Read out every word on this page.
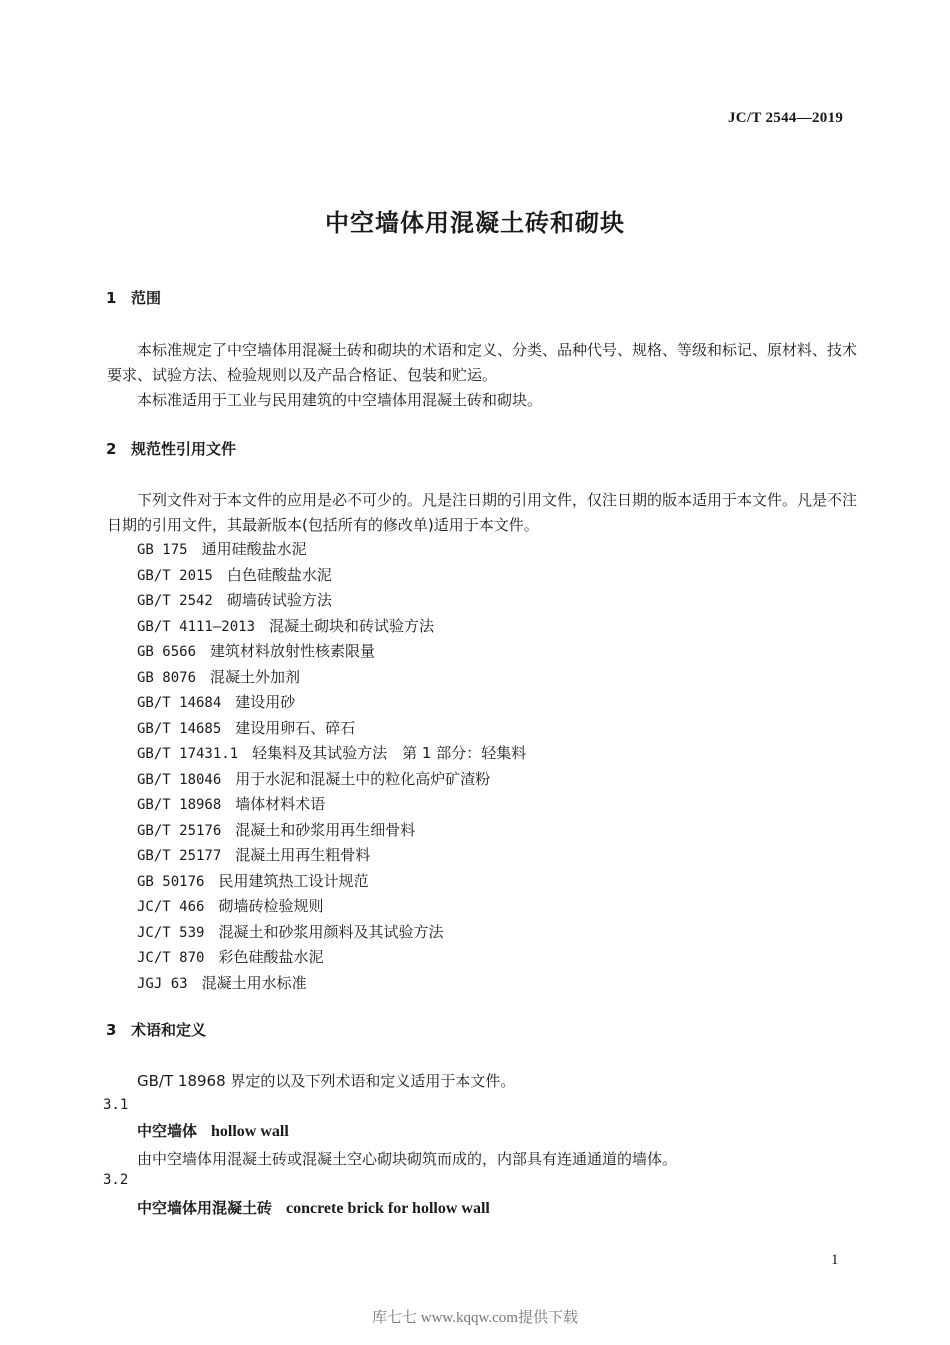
JC/T 2544—2019
中空墙体用混凝土砖和砌块
1 范围

本标准规定了中空墙体用混凝土砖和砌块的术语和定义、分类、品种代号、规格、等级和标记、原材料、技术要求、试验方法、检验规则以及产品合格证、包装和贮运。

本标准适用于工业与民用建筑的中空墙体用混凝土砖和砌块。

2 规范性引用文件

下列文件对于本文件的应用是必不可少的。凡是注日期的引用文件，仅注日期的版本适用于本文件。凡是不注日期的引用文件，其最新版本(包括所有的修改单)适用于本文件。

GB 175 通用硅酸盐水泥
GB/T 2015 白色硅酸盐水泥
GB/T 2542 砌墙砖试验方法
GB/T 4111—2013 混凝土砌块和砖试验方法
GB 6566 建筑材料放射性核素限量
GB 8076 混凝土外加剂
GB/T 14684 建设用砂
GB/T 14685 建设用卵石、碎石
GB/T 17431.1 轻集料及其试验方法　第 1 部分：轻集料
GB/T 18046 用于水泥和混凝土中的粒化高炉矿渣粉
GB/T 18968 墙体材料术语
GB/T 25176 混凝土和砂浆用再生细骨料
GB/T 25177 混凝土用再生粗骨料
GB 50176 民用建筑热工设计规范
JC/T 466 砌墙砖检验规则
JC/T 539 混凝土和砂浆用颜料及其试验方法
JC/T 870 彩色硅酸盐水泥
JGJ 63 混凝土用水标准
3 术语和定义
GB/T 18968 界定的以及下列术语和定义适用于本文件。
3.1
中空墙体 hollow wall
由中空墙体用混凝土砖或混凝土空心砌块砌筑而成的，内部具有连通通道的墙体。
3.2
中空墙体用混凝土砖 concrete brick for hollow wall
1
库七七 www.kqqw.com提供下载
